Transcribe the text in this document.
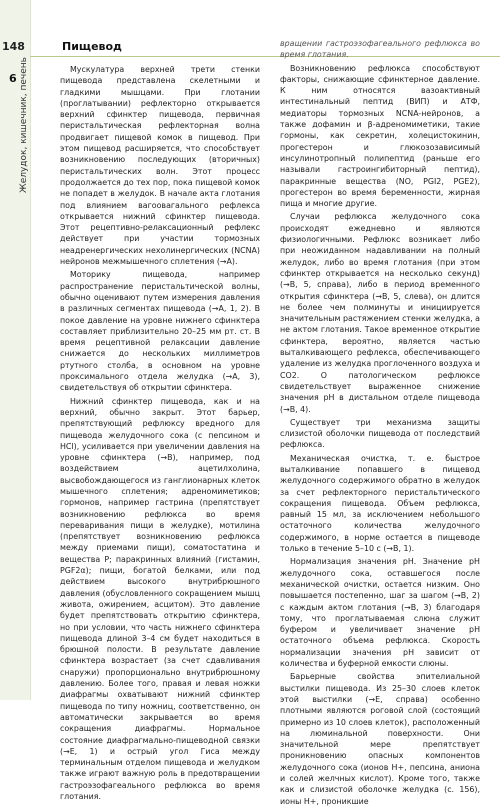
148	Пищевод
6 Желудок, кишечник, печень	Мускулатура верхней трети стенки пищевода представлена скелетными и гладкими мышцами. При глотании (проглатывании) рефлекторно открывается верхний сфинктер пищевода, первичная перистальтическая рефлекторная волна продвигает пищевой комок в пищевод. При этом пищевод расширяется, что способствует возникновению последующих (вторичных) перистальтических волн. Этот процесс продолжается до тех пор, пока пищевой комок не попадет в желудок. В начале акта глотания под влиянием вагоовагального рефлекса открывается нижний сфинктер пищевода. Этот рецептивно-релаксационный рефлекс действует при участии тормозных неадренергических нехолинергических (NCNA) нейронов межмышечного сплетения (→A).

Моторику пищевода, например распространение перистальтической волны, обычно оценивают путем измерения давления в различных сегментах пищевода (→A, 1, 2). В покое давление на уровне нижнего сфинктера составляет приблизительно 20–25 мм рт. ст. В время рецептивной релаксации давление снижается до нескольких миллиметров ртутного столба, в основном на уровне проксимального отдела желудка (→A, 3), свидетельствуя об открытии сфинктера.

Нижний сфинктер пищевода, как и на верхний, обычно закрыт. Этот барьер, препятствующий рефлюксу вредного для пищевода желудочного сока (с пепсином и HCl), усиливается при увеличении давления на уровне сфинктера (→B), например, под воздействием ацетилхолина, высвобождающегося из ганглионарных клеток мышечного сплетения; адреномиметиков; гормонов, например гастрина (препятствует возникновению рефлюкса во время переваривания пищи в желудке), мотилина (препятствует возникновению рефлюкса между приемами пищи), соматостатина и вещества P; паракринных влияний (гистамин, PGF2α); пищи, богатой белками, или под действием высокого внутрибрюшного давления (обусловленного сокращением мышц живота, ожирением, асцитом). Это давление будет препятствовать открытию сфинктера, но при условии, что часть нижнего сфинктера пищевода длиной 3–4 см будет находиться в брюшной полости. В результате давление сфинктера возрастает (за счет сдавливания снаружи) пропорционально внутрибрюшному давлению. Более того, правая и левая ножки диафрагмы охватывают нижний сфинктер пищевода по типу ножниц, соответственно, он автоматически закрывается во время сокращения диафрагмы. Нормальное состояние диафрагмально-пищеводной связки (→E, 1) и острый угол Гиса между терминальным отделом пищевода и желудком также играют важную роль в предотвращении гастроэзофагеального рефлюкса во время глотания.

вращении гастроэзофагеального рефлюкса во время глотания.

Возникновению рефлюкса способствуют факторы, снижающие сфинктерное давление. К ним относятся вазоактивный интестинальный пептид (ВИП) и АТФ, медиаторы тормозных NCNA-нейронов, а также дофамин и β-адреномиметики, такие гормоны, как секретин, холецистокинин, прогестерон и глюкозозависимый инсулинотропный полипептид (раньше его называли гастроингибиторный пептид), паракринные вещества (NO, PGI2, PGE2), прогестерон во время беременности, жирная пища и многие другие.

Случаи рефлюкса желудочного сока происходят ежедневно и являются физиологичными. Рефлюкс возникает либо при неожиданном надавливании на полный желудок, либо во время глотания (при этом сфинктер открывается на несколько секунд) (→B, 5, справа), либо в период временного открытия сфинктера (→B, 5, слева), он длится не более чем полминуты и инициируется значительным растяжением стенки желудка, а не актом глотания. Такое временное открытие сфинктера, вероятно, является частью выталкивающего рефлекса, обеспечивающего удаление из желудка проглоченного воздуха и CO2. О патологическом рефлюксе свидетельствует выраженное снижение значения pH в дистальном отделе пищевода (→B, 4).

Существует три механизма защиты слизистой оболочки пищевода от последствий рефлюкса.

Механическая очистка, т. е. быстрое выталкивание попавшего в пищевод желудочного содержимого обратно в желудок за счет рефлекторного перистальтического сокращения пищевода. Объем рефлюкса, равный 15 мл, за исключением небольшого остаточного количества желудочного содержимого, в норме остается в пищеводе только в течение 5–10 с (→B, 1).

Нормализация значения pH. Значение pH желудочного сока, оставшегося после механической очистки, остается низким. Оно повышается постепенно, шаг за шагом (→B, 2) с каждым актом глотания (→B, 3) благодаря тому, что проглатываемая слюна служит буфером и увеличивает значение pH остаточного объема рефлюкса. Скорость нормализации значения pH зависит от количества и буферной емкости слюны.

Барьерные свойства эпителиальной выстилки пищевода. Из 25–30 слоев клеток этой выстилки (→E, справа) особенно плотными являются роговой слой (состоящий примерно из 10 слоев клеток), расположенный на люминальной поверхности. Они значительной мере препятствует проникновению опасных компонентов желудочного сока (ионов H+, пепсина, аниона и солей желчных кислот). Кроме того, также как и слизистой оболочке желудка (с. 156), ионы H+, проникшие
